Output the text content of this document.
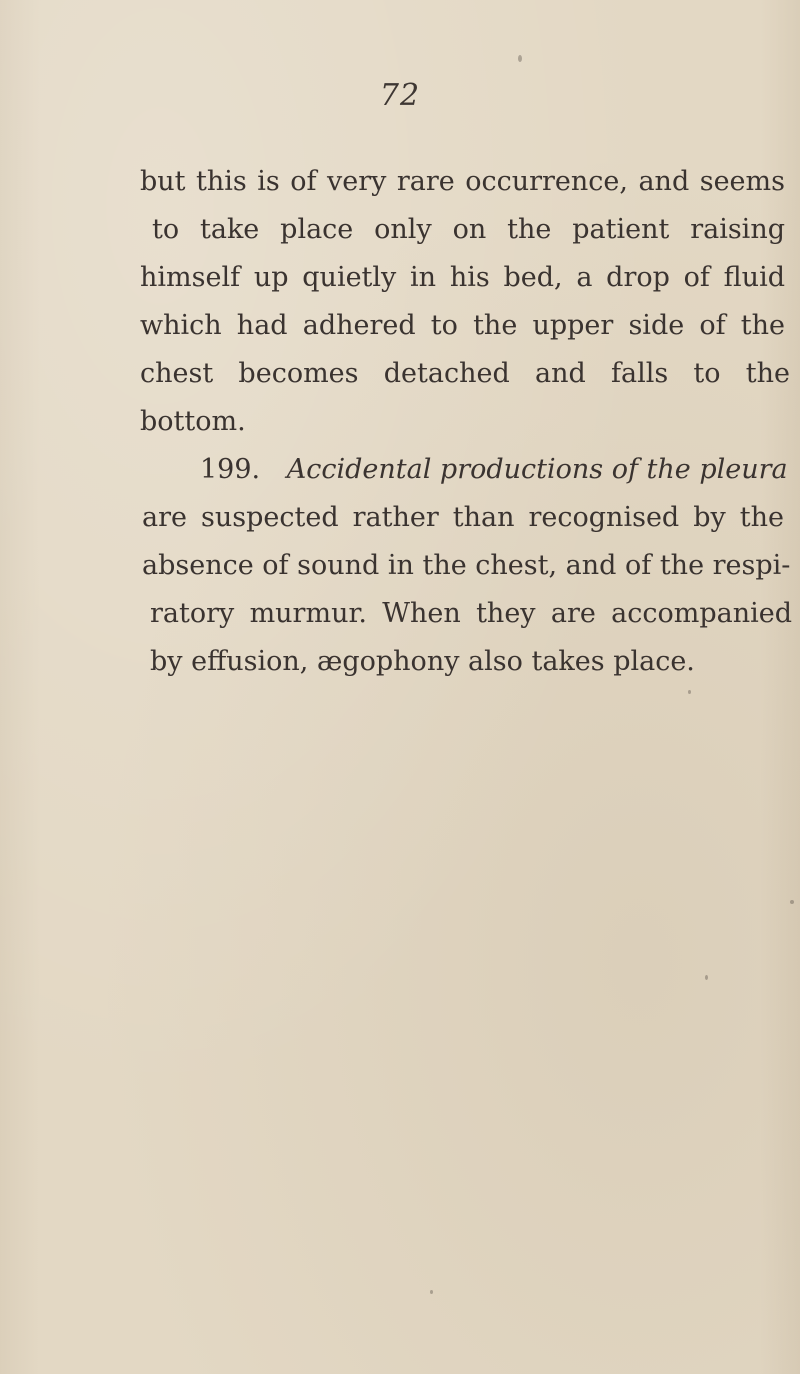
72
but this is of very rare occurrence, and seems
to take place only on the patient raising
himself up quietly in his bed, a drop of fluid
which had adhered to the upper side of the
chest becomes detached and falls to the
bottom.
199. Accidental productions of the pleura
are suspected rather than recognised by the
absence of sound in the chest, and of the respi-
ratory murmur. When they are accompanied
by effusion, ægophony also takes place.
